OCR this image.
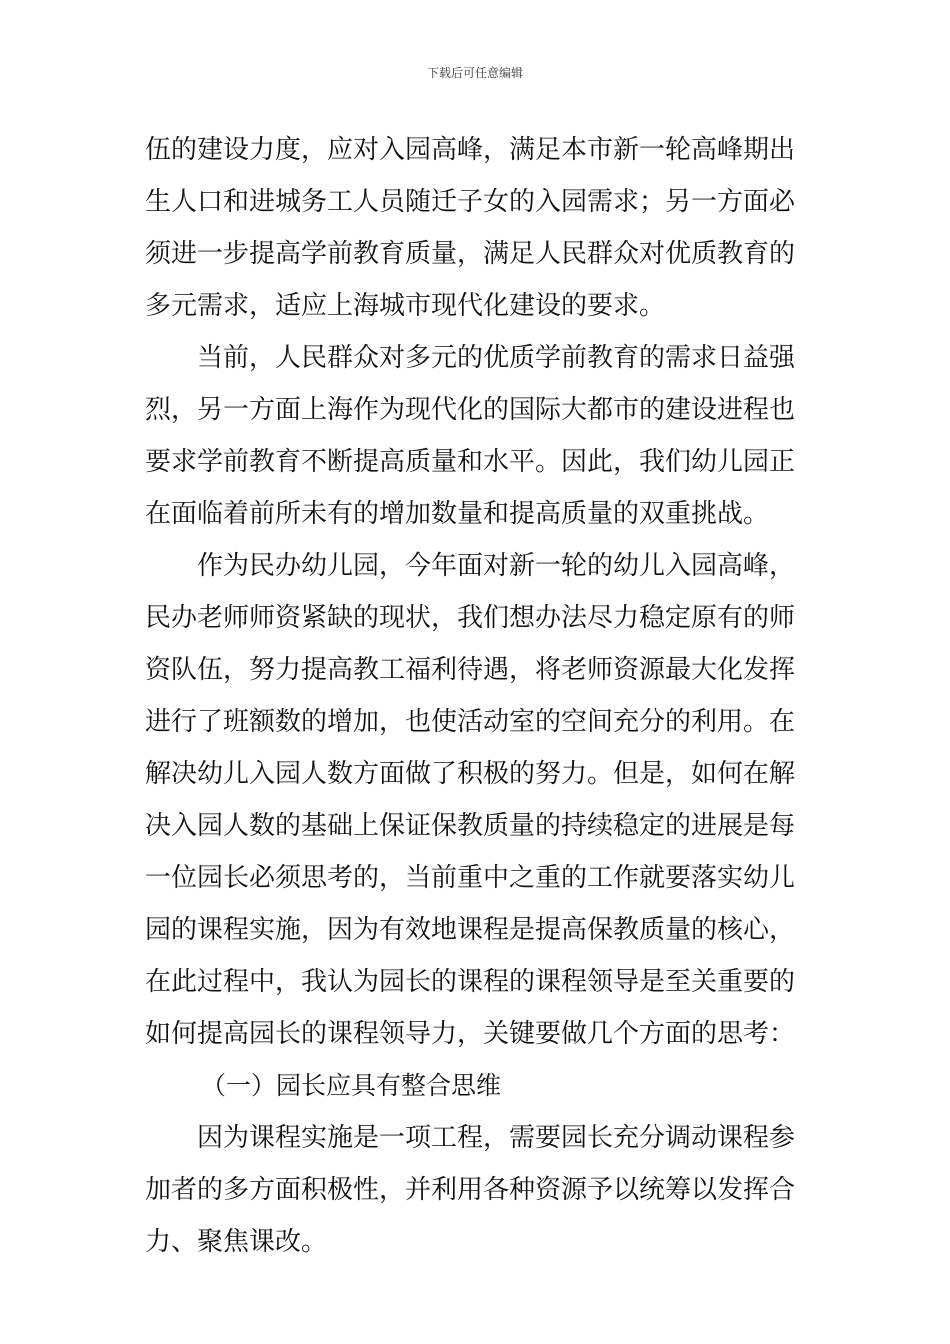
下载后可任意编辑
伍的建设力度，应对入园高峰，满足本市新一轮高峰期出
生人口和进城务工人员随迁子女的入园需求；另一方面必
须进一步提高学前教育质量，满足人民群众对优质教育的
多元需求，适应上海城市现代化建设的要求。
当前，人民群众对多元的优质学前教育的需求日益强
烈，另一方面上海作为现代化的国际大都市的建设进程也
要求学前教育不断提高质量和水平。因此，我们幼儿园正
在面临着前所未有的增加数量和提高质量的双重挑战。
作为民办幼儿园，今年面对新一轮的幼儿入园高峰，
民办老师师资紧缺的现状，我们想办法尽力稳定原有的师
资队伍，努力提高教工福利待遇，将老师资源最大化发挥
进行了班额数的增加，也使活动室的空间充分的利用。在
解决幼儿入园人数方面做了积极的努力。但是，如何在解
决入园人数的基础上保证保教质量的持续稳定的进展是每
一位园长必须思考的，当前重中之重的工作就要落实幼儿
园的课程实施，因为有效地课程是提高保教质量的核心，
在此过程中，我认为园长的课程的课程领导是至关重要的
如何提高园长的课程领导力，关键要做几个方面的思考：
（一）园长应具有整合思维
因为课程实施是一项工程，需要园长充分调动课程参
加者的多方面积极性，并利用各种资源予以统筹以发挥合
力、聚焦课改。
